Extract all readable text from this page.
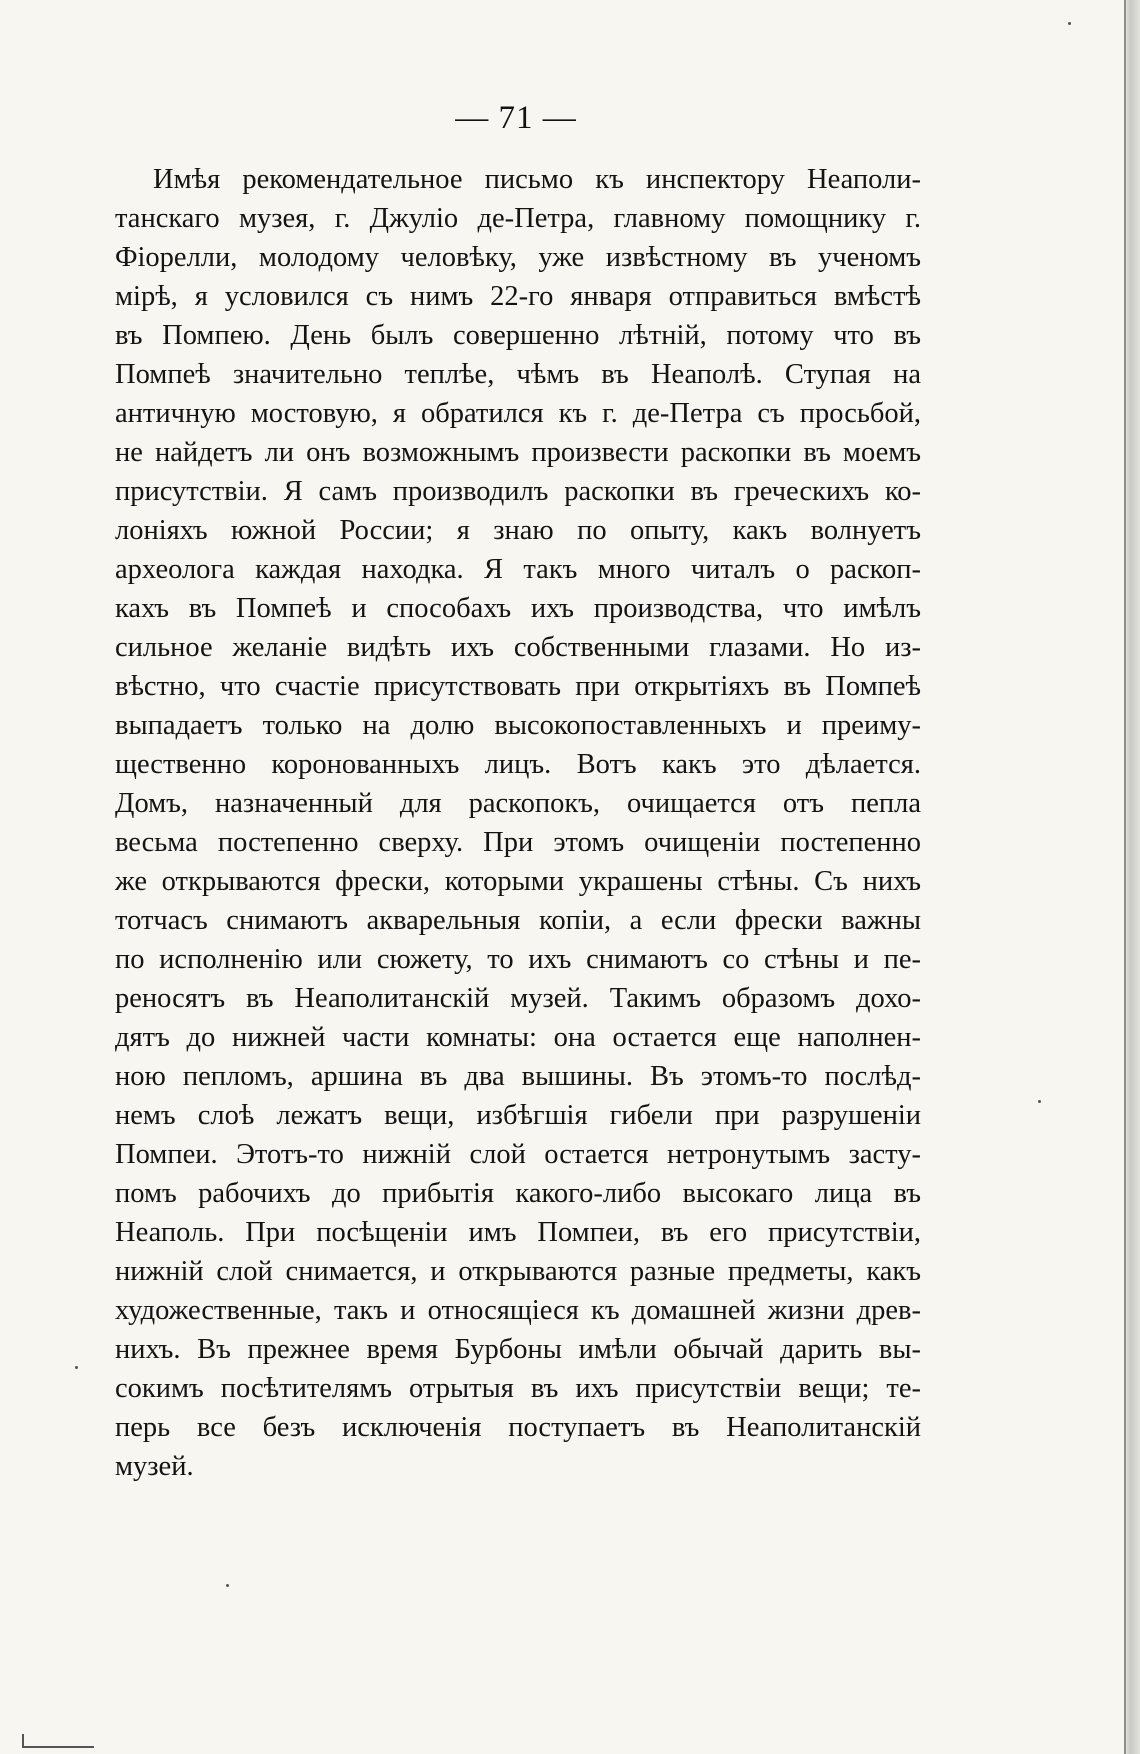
— 71 —
Имѣя рекомендательное письмо къ инспектору Неаполи-
танскаго музея, г. Джуліо де-Петра, главному помощнику г.
Фіорелли, молодому человѣку, уже извѣстному въ ученомъ
мірѣ, я условился съ нимъ 22-го января отправиться вмѣстѣ
въ Помпею. День былъ совершенно лѣтній, потому что въ
Помпеѣ значительно теплѣе, чѣмъ въ Неаполѣ. Ступая на
античную мостовую, я обратился къ г. де-Петра съ просьбой,
не найдетъ ли онъ возможнымъ произвести раскопки въ моемъ
присутствіи. Я самъ производилъ раскопки въ греческихъ ко-
лоніяхъ южной России; я знаю по опыту, какъ волнуетъ
археолога каждая находка. Я такъ много читалъ о раскоп-
кахъ въ Помпеѣ и способахъ ихъ производства, что имѣлъ
сильное желаніе видѣть ихъ собственными глазами. Но из-
вѣстно, что счастіе присутствовать при открытіяхъ въ Помпеѣ
выпадаетъ только на долю высокопоставленныхъ и преиму-
щественно коронованныхъ лицъ. Вотъ какъ это дѣлается.
Домъ, назначенный для раскопокъ, очищается отъ пепла
весьма постепенно сверху. При этомъ очищеніи постепенно
же открываются фрески, которыми украшены стѣны. Съ нихъ
тотчасъ снимаютъ акварельныя копіи, а если фрески важны
по исполненію или сюжету, то ихъ снимаютъ со стѣны и пе-
реносятъ въ Неаполитанскій музей. Такимъ образомъ дохо-
дятъ до нижней части комнаты: она остается еще наполнен-
ною пепломъ, аршина въ два вышины. Въ этомъ-то послѣд-
немъ слоѣ лежатъ вещи, избѣгшія гибели при разрушеніи
Помпеи. Этотъ-то нижній слой остается нетронутымъ засту-
помъ рабочихъ до прибытія какого-либо высокаго лица въ
Неаполь. При посѣщеніи имъ Помпеи, въ его присутствіи,
нижній слой снимается, и открываются разные предметы, какъ
художественные, такъ и относящіеся къ домашней жизни древ-
нихъ. Въ прежнее время Бурбоны имѣли обычай дарить вы-
сокимъ посѣтителямъ отрытыя въ ихъ присутствіи вещи; те-
перь все безъ исключенія поступаетъ въ Неаполитанскій
музей.
